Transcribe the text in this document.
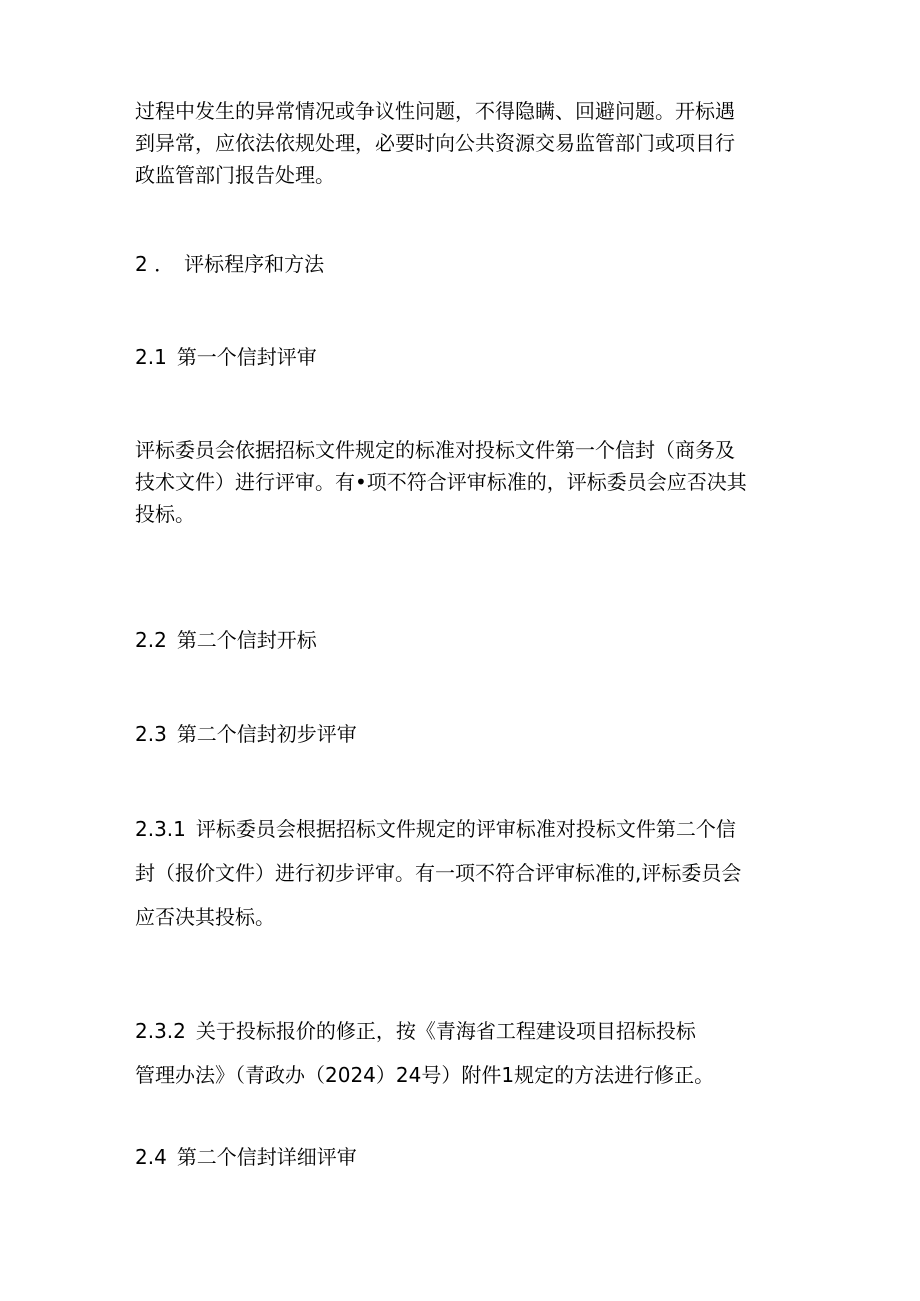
过程中发生的异常情况或争议性问题，不得隐瞒、回避问题。开标遇
到异常，应依法依规处理，必要时向公共资源交易监管部门或项目行
政监管部门报告处理。
2 ． 评标程序和方法
2.1 第一个信封评审
评标委员会依据招标文件规定的标准对投标文件第一个信封（商务及
技术文件）进行评审。有•项不符合评审标准的，评标委员会应否决其
投标。
2.2 第二个信封开标
2.3 第二个信封初步评审
2.3.1 评标委员会根据招标文件规定的评审标准对投标文件第二个信
封（报价文件）进行初步评审。有一项不符合评审标准的,评标委员会
应否决其投标。
2.3.2 关于投标报价的修正，按《青海省工程建设项目招标投标
管理办法》（青政办（2024）24号）附件1规定的方法进行修正。
2.4 第二个信封详细评审
